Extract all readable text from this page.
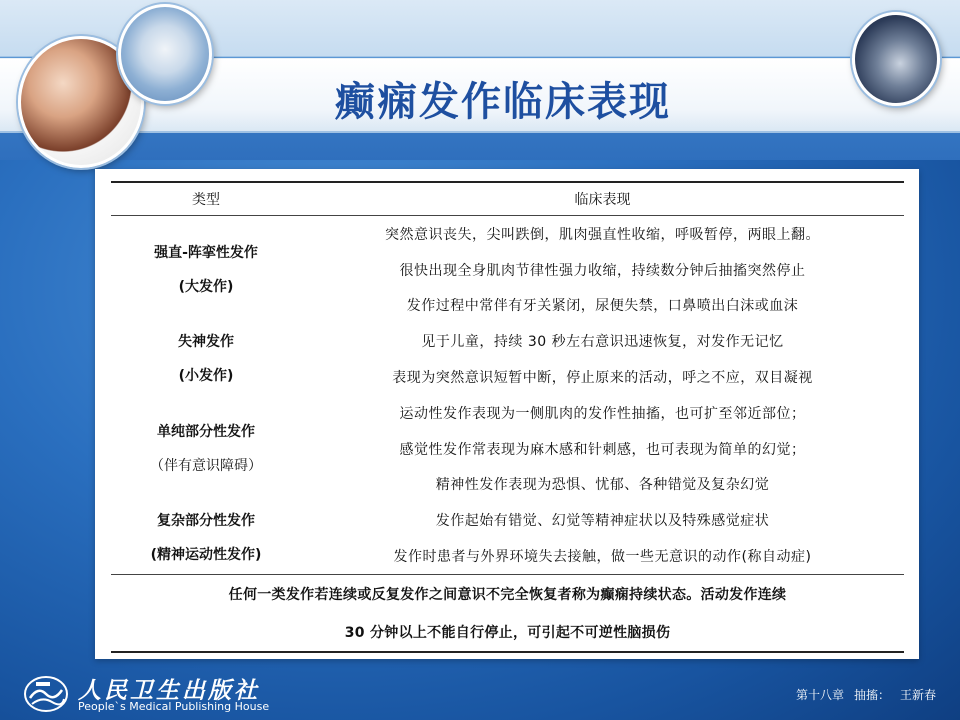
癫痫发作临床表现
类型	临床表现

强直-阵挛性发作
(大发作)	突然意识丧失，尖叫跌倒，肌肉强直性收缩，呼吸暂停，两眼上翻。
	很快出现全身肌肉节律性强力收缩，持续数分钟后抽搐突然停止
	发作过程中常伴有牙关紧闭，尿便失禁，口鼻喷出白沫或血沫

失神发作
(小发作)	见于儿童，持续 30 秒左右意识迅速恢复，对发作无记忆
	表现为突然意识短暂中断，停止原来的活动，呼之不应，双目凝视

单纯部分性发作
（伴有意识障碍）	运动性发作表现为一侧肌肉的发作性抽搐，也可扩至邻近部位；
	感觉性发作常表现为麻木感和针刺感，也可表现为简单的幻觉；
	精神性发作表现为恐惧、忧郁、各种错觉及复杂幻觉

复杂部分性发作
(精神运动性发作)	发作起始有错觉、幻觉等精神症状以及特殊感觉症状
	发作时患者与外界环境失去接触，做一些无意识的动作(称自动症)
任何一类发作若连续或反复发作之间意识不完全恢复者称为癫痫持续状态。活动发作连续	
30 分钟以上不能自行停止，可引起不可逆性脑损伤	
人民卫生出版社
People`s Medical Publishing House
第十八章 抽搐： 王新春
